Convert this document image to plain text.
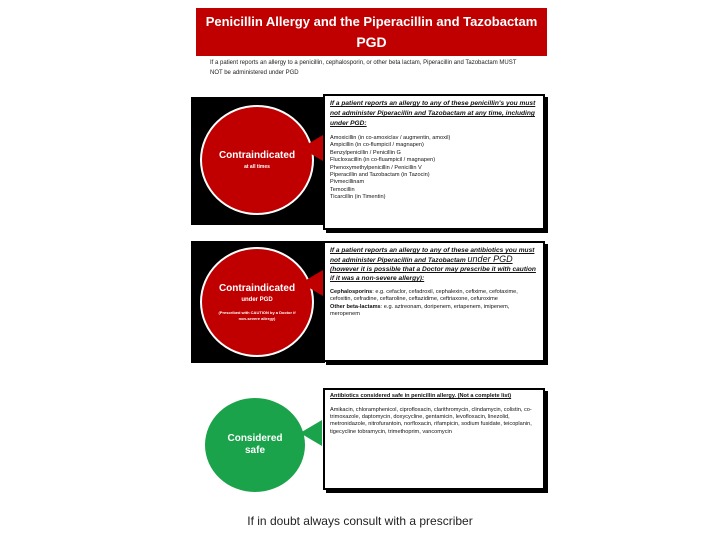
Penicillin Allergy and the Piperacillin and Tazobactam
PGD
If a patient reports an allergy to a penicillin, cephalosporin, or other beta lactam, Piperacillin and Tazobactam MUST NOT be administered under PGD
Contraindicated
at all times
If a patient reports an allergy to any of these penicillin's you must not administer Piperacillin and Tazobactam at any time, including under PGD:
Amoxicillin (in co-amoxiclav / augmentin, amoxil)
Ampicillin (in co-flumpicil / magnapen)
Benzylpenicillin / Penicillin G
Flucloxacillin (in co-fluampicil / magnapen)
Phenoxymethylpenicillin / Penicillin V
Piperacillin and Tazobactam (in Tazocin)
Pivmecillinam
Temocillin
Ticarcillin (in Timentin)
Contraindicated
under PGD
(Prescribed with CAUTION by a Doctor if non-severe allergy)
If a patient reports an allergy to any of these antibiotics you must not administer Piperacillin and Tazobactam under PGD (however it is possible that a Doctor may prescribe it with caution if it was a non-severe allergy):
Cephalosporins: e.g. cefaclor, cefadroxil, cephalexin, cefixime, cefotaxime, cefoxitin, cefradine, ceftaroline, ceftazidime, ceftriaxone, cefuroxime
Other beta-lactams: e.g. aztreonam, doripenem, ertapenem, imipenem, meropenem
Considered
safe
Antibiotics considered safe in penicillin allergy. (Not a complete list)
Amikacin, chloramphenicol, ciprofloxacin, clarithromycin, clindamycin, colistin, co-trimoxazole, daptomycin, doxycycline, gentamicin, levofloxacin, linezolid, metronidazole, nitrofurantoin, norfloxacin, rifampicin, sodium fusidate, teicoplanin, tigecycline tobramycin, trimethoprim, vancomycin
If in doubt always consult with a prescriber
